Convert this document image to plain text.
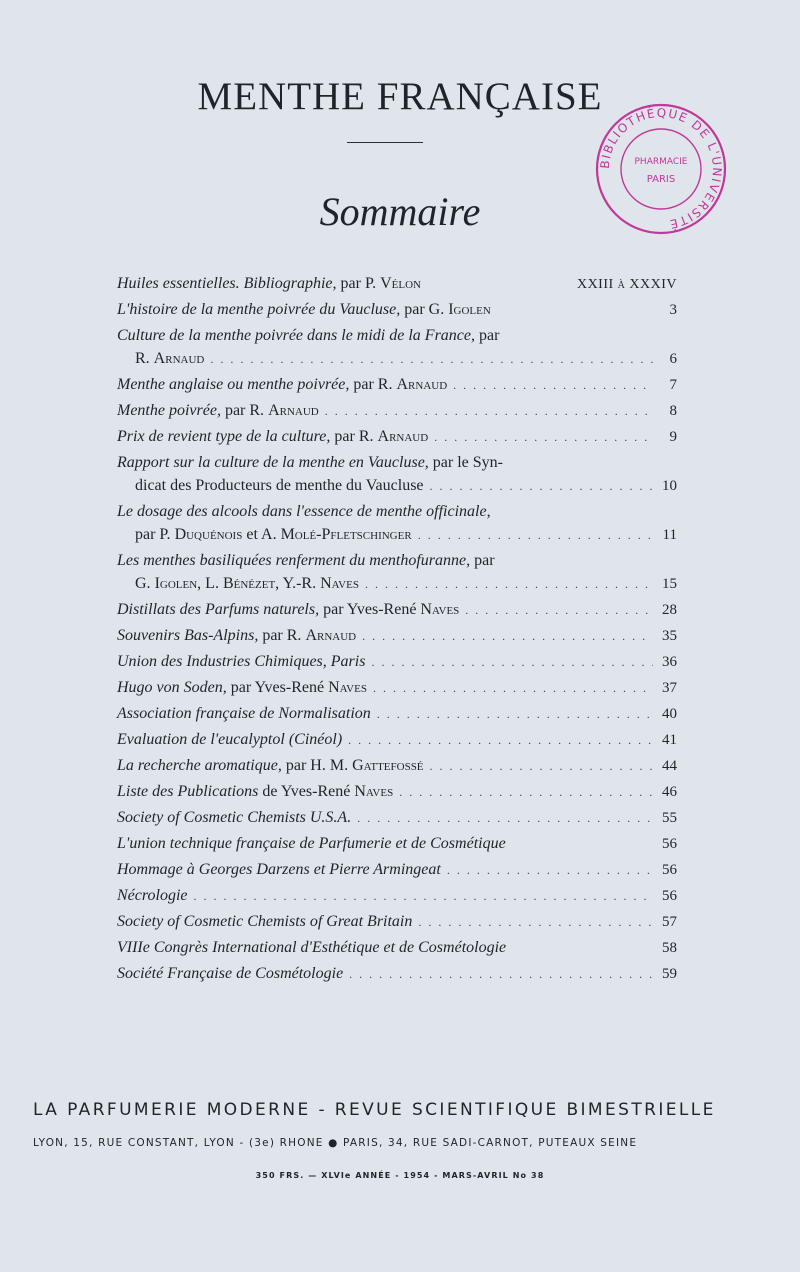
MENTHE FRANÇAISE
Sommaire
BIBLIOTHÈQUE DE L'UNIVERSITÉ
PHARMACIE
PARIS
Huiles essentielles. Bibliographie, par P. Vélon	XXIII à XXXIV
L'histoire de la menthe poivrée du Vaucluse, par G. Igolen	3
Culture de la menthe poivrée dans le midi de la France, par
R. Arnaud . . .	6
Menthe anglaise ou menthe poivrée, par R. Arnaud . . .	7
Menthe poivrée, par R. Arnaud . . .	8
Prix de revient type de la culture, par R. Arnaud . . .	9
Rapport sur la culture de la menthe en Vaucluse, par le Syn-
dicat des Producteurs de menthe du Vaucluse . . .	10
Le dosage des alcools dans l'essence de menthe officinale,
par P. Duquénois et A. Molé-Pfletschinger . . .	11
Les menthes basiliquées renferment du menthofuranne, par
G. Igolen, L. Bénézet, Y.-R. Naves . . .	15
Distillats des Parfums naturels, par Yves-René Naves . . .	28
Souvenirs Bas-Alpins, par R. Arnaud . . .	35
Union des Industries Chimiques, Paris . . .	36
Hugo von Soden, par Yves-René Naves . . .	37
Association française de Normalisation . . .	40
Evaluation de l'eucalyptol (Cinéol) . . .	41
La recherche aromatique, par H. M. Gattefossé . . .	44
Liste des Publications de Yves-René Naves . . .	46
Society of Cosmetic Chemists U.S.A. . . .	55
L'union technique française de Parfumerie et de Cosmétique	56
Hommage à Georges Darzens et Pierre Armingeat . . .	56
Nécrologie . . .	56
Society of Cosmetic Chemists of Great Britain . . .	57
VIIIe Congrès International d'Esthétique et de Cosmétologie	58
Société Française de Cosmétologie . . .	59
LA PARFUMERIE MODERNE - REVUE SCIENTIFIQUE BIMESTRIELLE
LYON, 15, RUE CONSTANT, LYON - (3e) RHONE ● PARIS, 34, RUE SADI-CARNOT, PUTEAUX SEINE
350 FRS. — XLVIe ANNÉE - 1954 - MARS-AVRIL No 38
